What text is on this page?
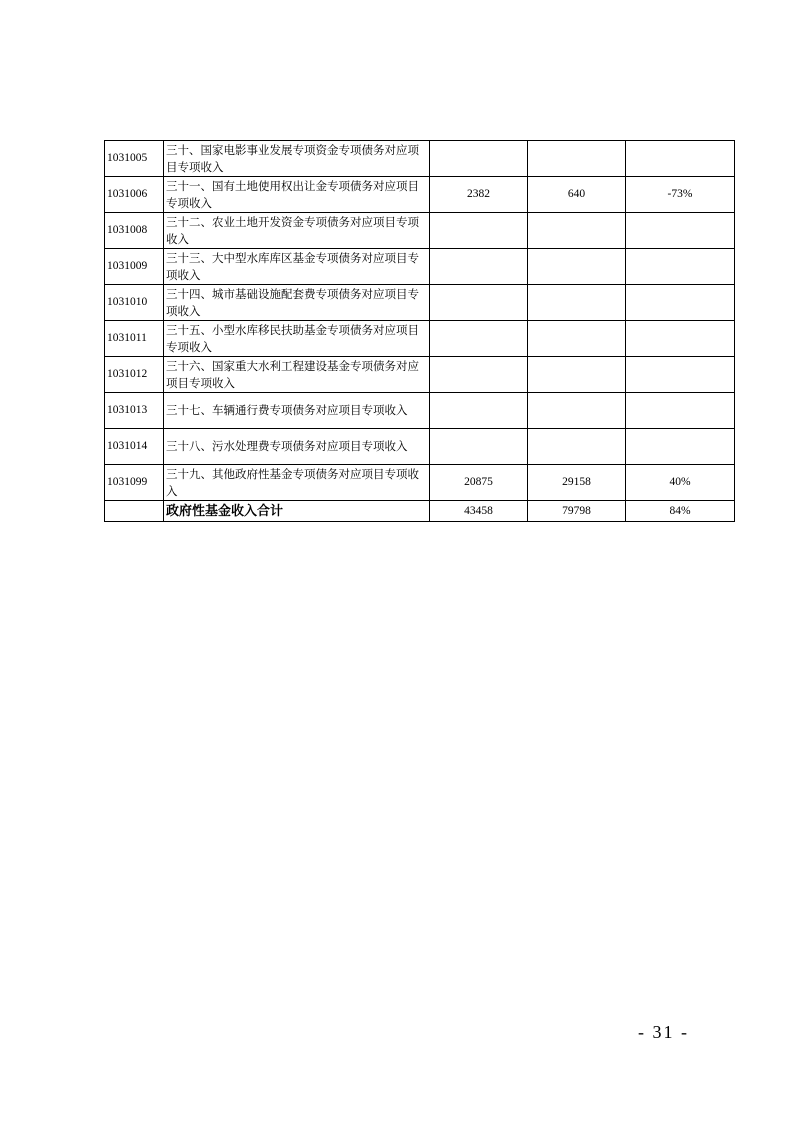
1031005	三十、国家电影事业发展专项资金专项债务对应项目专项收入			
1031006	三十一、国有土地使用权出让金专项债务对应项目专项收入	2382	640	-73%
1031008	三十二、农业土地开发资金专项债务对应项目专项收入			
1031009	三十三、大中型水库库区基金专项债务对应项目专项收入			
1031010	三十四、城市基础设施配套费专项债务对应项目专项收入			
1031011	三十五、小型水库移民扶助基金专项债务对应项目专项收入			
1031012	三十六、国家重大水利工程建设基金专项债务对应项目专项收入			
1031013	三十七、车辆通行费专项债务对应项目专项收入			
1031014	三十八、污水处理费专项债务对应项目专项收入			
1031099	三十九、其他政府性基金专项债务对应项目专项收入	20875	29158	40%
	政府性基金收入合计	43458	79798	84%
- 31 -
